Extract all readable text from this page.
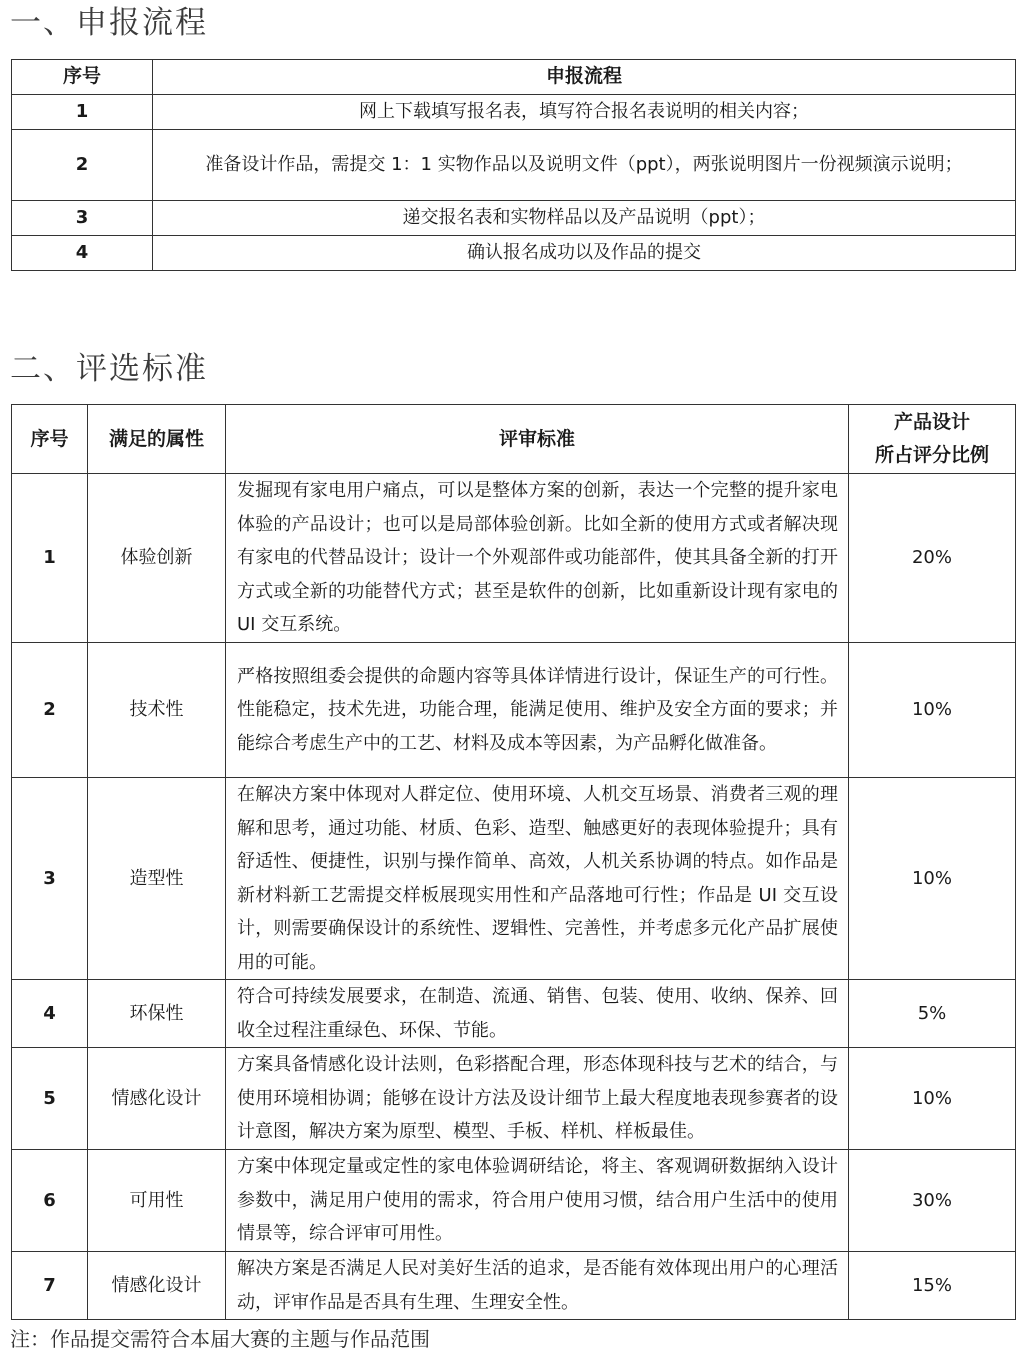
一、申报流程
序号	申报流程
1	网上下载填写报名表，填写符合报名表说明的相关内容；
2	准备设计作品，需提交 1：1 实物作品以及说明文件（ppt），两张说明图片一份视频演示说明；
3	递交报名表和实物样品以及产品说明（ppt）；
4	确认报名成功以及作品的提交
二、评选标准
序号	满足的属性	评审标准	产品设计
所占评分比例

1	体验创新	发掘现有家电用户痛点，可以是整体方案的创新，表达一个完整的提升家电体验的产品设计；也可以是局部体验创新。比如全新的使用方式或者解决现有家电的代替品设计；设计一个外观部件或功能部件，使其具备全新的打开方式或全新的功能替代方式；甚至是软件的创新，比如重新设计现有家电的 UI 交互系统。	20%
2	技术性	严格按照组委会提供的命题内容等具体详情进行设计，保证生产的可行性。性能稳定，技术先进，功能合理，能满足使用、维护及安全方面的要求；并能综合考虑生产中的工艺、材料及成本等因素，为产品孵化做准备。	10%
3	造型性	在解决方案中体现对人群定位、使用环境、人机交互场景、消费者三观的理解和思考，通过功能、材质、色彩、造型、触感更好的表现体验提升；具有舒适性、便捷性，识别与操作简单、高效，人机关系协调的特点。如作品是新材料新工艺需提交样板展现实用性和产品落地可行性；作品是 UI 交互设计，则需要确保设计的系统性、逻辑性、完善性，并考虑多元化产品扩展使用的可能。	10%
4	环保性	符合可持续发展要求，在制造、流通、销售、包装、使用、收纳、保养、回收全过程注重绿色、环保、节能。	5%
5	情感化设计	方案具备情感化设计法则，色彩搭配合理，形态体现科技与艺术的结合，与使用环境相协调；能够在设计方法及设计细节上最大程度地表现参赛者的设计意图，解决方案为原型、模型、手板、样机、样板最佳。	10%
6	可用性	方案中体现定量或定性的家电体验调研结论，将主、客观调研数据纳入设计参数中，满足用户使用的需求，符合用户使用习惯，结合用户生活中的使用情景等，综合评审可用性。	30%
7	情感化设计	解决方案是否满足人民对美好生活的追求，是否能有效体现出用户的心理活动，评审作品是否具有生理、生理安全性。	15%
注：作品提交需符合本届大赛的主题与作品范围
